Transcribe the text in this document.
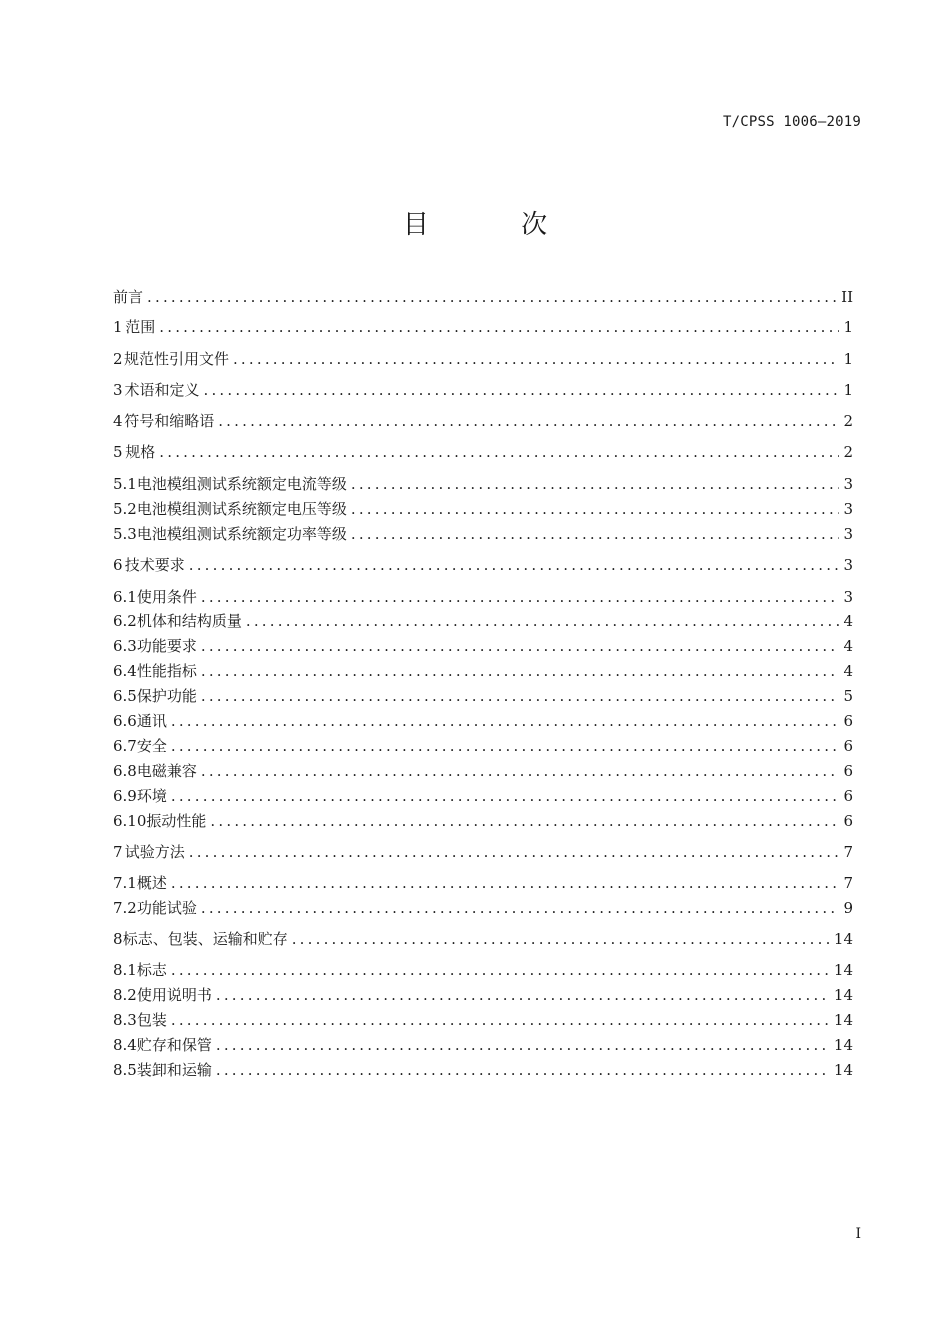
T/CPSS 1006—2019
目 次
前言 .....	II
1 范围 .....	1
2 规范性引用文件 .....	1
3 术语和定义 .....	1
4 符号和缩略语 .....	2
5 规格 .....	2
5.1 电池模组测试系统额定电流等级 .....	3
5.2 电池模组测试系统额定电压等级 .....	3
5.3 电池模组测试系统额定功率等级 .....	3
6 技术要求 .....	3
6.1 使用条件 .....	3
6.2 机体和结构质量 .....	4
6.3 功能要求 .....	4
6.4 性能指标 .....	4
6.5 保护功能 .....	5
6.6 通讯 .....	6
6.7 安全 .....	6
6.8 电磁兼容 .....	6
6.9 环境 .....	6
6.10 振动性能 .....	6
7 试验方法 .....	7
7.1 概述 .....	7
7.2 功能试验 .....	9
8 标志、包装、运输和贮存 .....	14
8.1 标志 .....	14
8.2 使用说明书 .....	14
8.3 包装 .....	14
8.4 贮存和保管 .....	14
8.5 装卸和运输 .....	14
I
